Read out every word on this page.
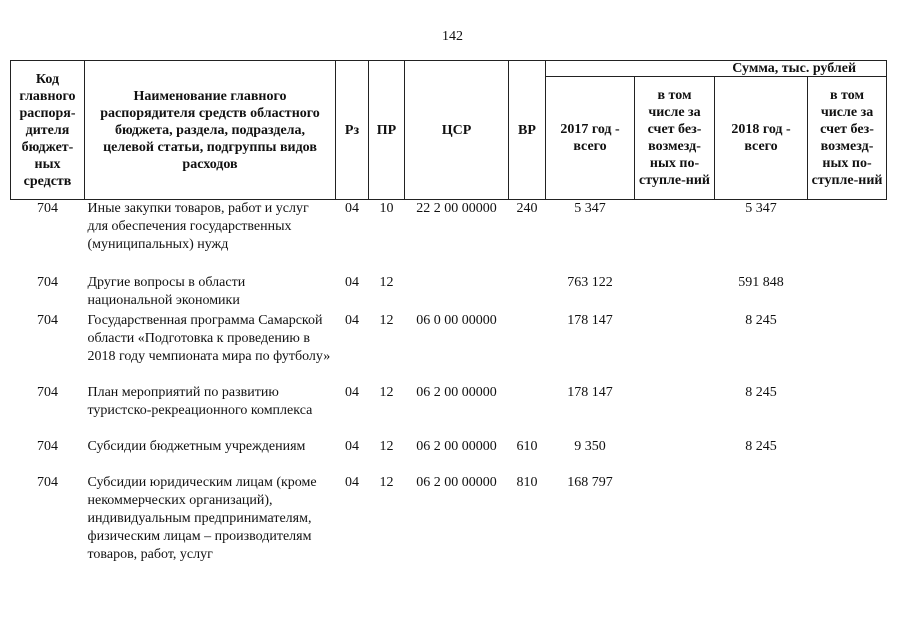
142
Код главного распоря-дителя бюджет-ных средств	Наименование главного распорядителя средств областного бюджета, раздела, подраздела, целевой статьи, подгруппы видов расходов	Рз	ПР	ЦСР	ВР	Сумма, тыс. рублей			
						2017 год - всего	в том числе за счет без-возмезд-ных по-ступле-ний	2018 год - всего	в том числе за счет без-возмезд-ных по-ступле-ний
704	Иные закупки товаров, работ и услуг для обеспечения государственных (муниципальных) нужд	04	10	22 2 00 00000	240	5 347		5 347	
704	Другие вопросы в области национальной экономики	04	12			763 122		591 848	
704	Государственная программа Самарской области «Подготовка к проведению в 2018 году чемпионата мира по футболу»	04	12	06 0 00 00000		178 147		8 245	
704	План мероприятий по развитию туристско-рекреационного комплекса	04	12	06 2 00 00000		178 147		8 245	
704	Субсидии бюджетным учреждениям	04	12	06 2 00 00000	610	9 350		8 245	
704	Субсидии юридическим лицам (кроме некоммерческих организаций), индивидуальным предпринимателям, физическим лицам – производителям товаров, работ, услуг	04	12	06 2 00 00000	810	168 797			
